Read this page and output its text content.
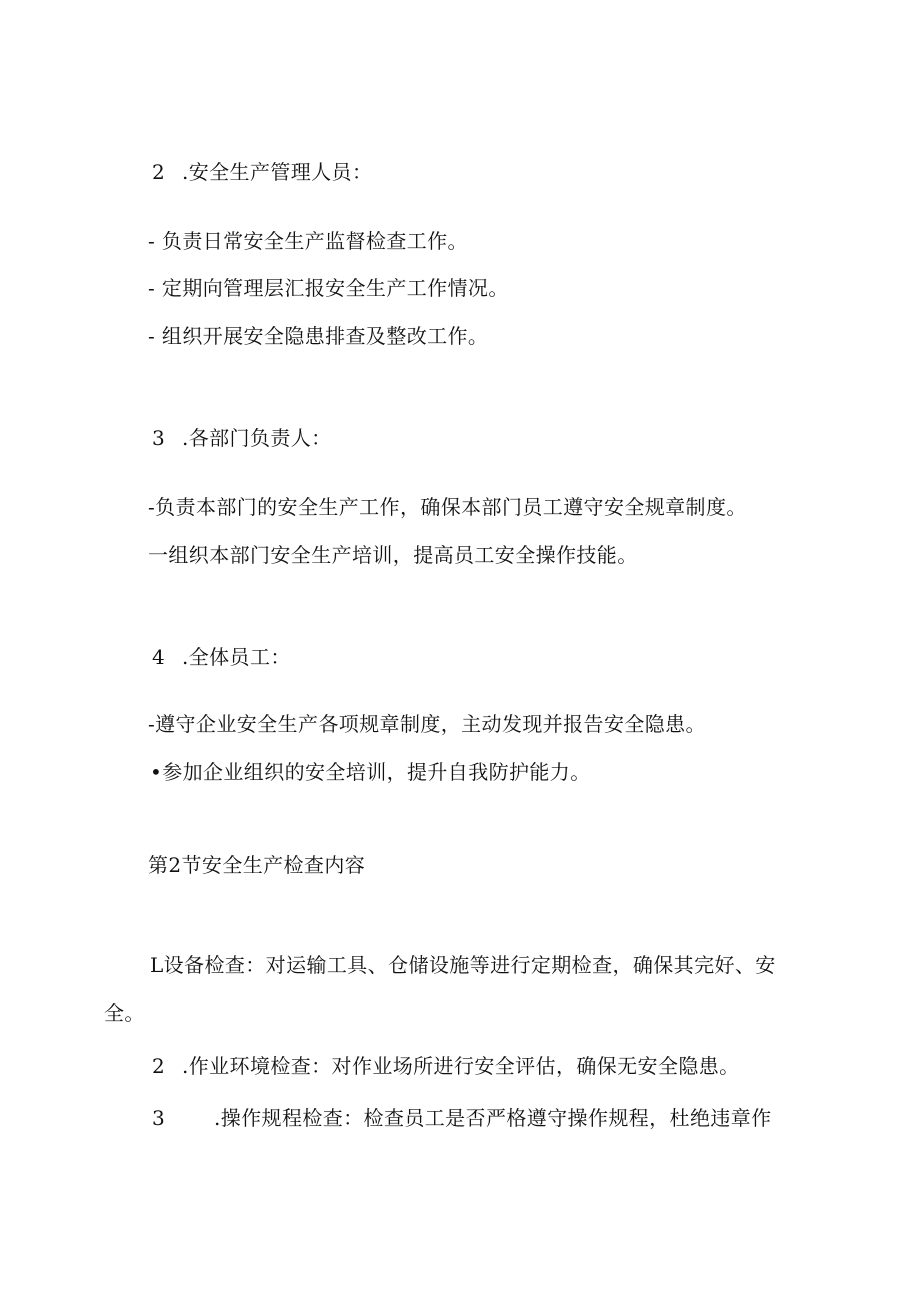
2 .安全生产管理人员：

- 负责日常安全生产监督检查工作。

- 定期向管理层汇报安全生产工作情况。

- 组织开展安全隐患排查及整改工作。

3 .各部门负责人：

-负责本部门的安全生产工作，确保本部门员工遵守安全规章制度。

一组织本部门安全生产培训，提高员工安全操作技能。

4 .全体员工：

-遵守企业安全生产各项规章制度，主动发现并报告安全隐患。

•参加企业组织的安全培训，提升自我防护能力。

第2节安全生产检查内容

L设备检查：对运输工具、仓储设施等进行定期检查，确保其完好、安

全。

2 .作业环境检查：对作业场所进行安全评估，确保无安全隐患。

3 .操作规程检查：检查员工是否严格遵守操作规程，杜绝违章作
